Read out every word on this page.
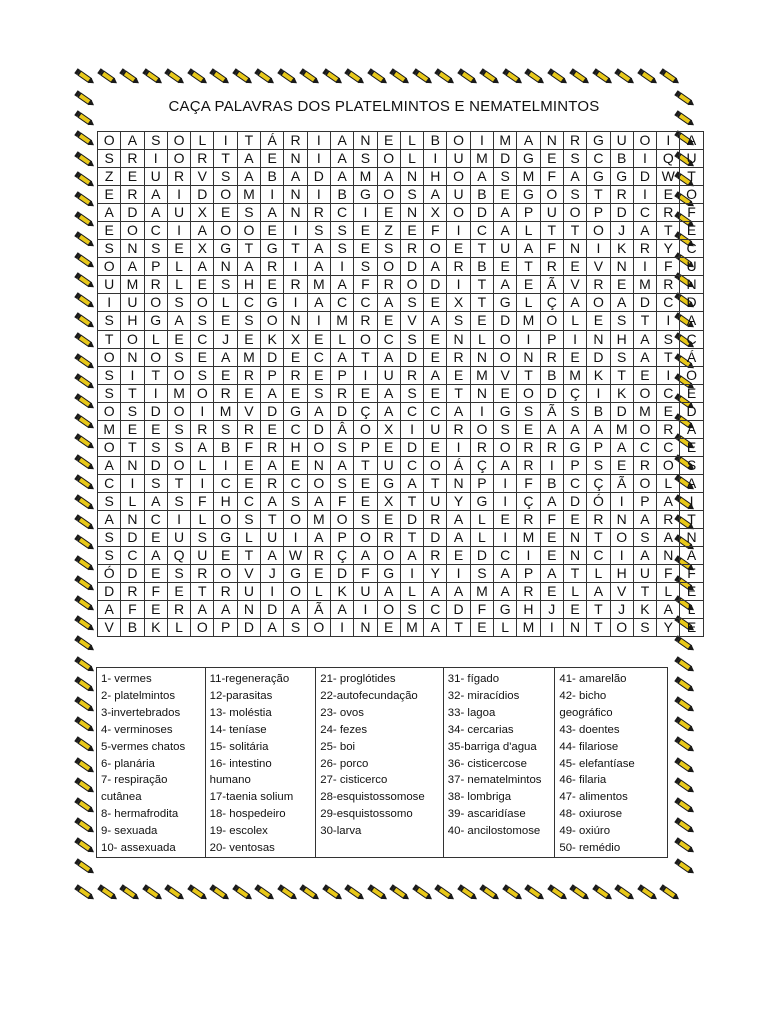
CAÇA PALAVRAS DOS PLATELMINTOS E NEMATELMINTOS
O	A	S	O	L	I	T	Á	R	I	A	N	E	L	B	O	I	M	A	N	R	G	U	O	I	A
S	R	I	O	R	T	A	E	N	I	A	S	O	L	I	U	M	D	G	E	S	C	B	I	Q	U
Z	E	U	R	V	S	A	B	A	D	A	M	A	N	H	O	A	S	M	F	A	G	G	D	W	T
E	R	A	I	D	O	M	I	N	I	B	G	O	S	A	U	B	E	G	O	S	T	R	I	E	O
A	D	A	U	X	E	S	A	N	R	C	I	E	N	X	O	D	A	P	U	O	P	D	C	R	F
E	O	C	I	A	O	O	E	I	S	S	E	Z	E	F	I	C	A	L	T	T	O	J	A	T	E
S	N	S	E	X	G	T	G	T	A	S	E	S	R	O	E	T	U	A	F	N	I	K	R	Y	C
O	A	P	L	A	N	A	R	I	A	I	S	O	D	A	R	B	E	T	R	E	V	N	I	F	U
U	M	R	L	E	S	H	E	R	M	A	F	R	O	D	I	T	A	E	Ã	V	R	E	M	R	N
I	U	O	S	O	L	C	G	I	A	C	C	A	S	E	X	T	G	L	Ç	A	O	A	D	C	D
S	H	G	A	S	E	S	O	N	I	M	R	E	V	A	S	E	D	M	O	L	E	S	T	I	A
T	O	L	E	C	J	E	K	X	E	L	O	C	S	E	N	L	O	I	P	I	N	H	A	S	C
O	N	O	S	E	A	M	D	E	C	A	T	A	D	E	R	N	O	N	R	E	D	S	A	T	Á
S	I	T	O	S	E	R	P	R	E	P	I	U	R	A	E	M	V	T	B	M	K	T	E	I	O
S	T	I	M	O	R	E	A	E	S	R	E	A	S	E	T	N	E	O	D	Ç	I	K	O	C	E
O	S	D	O	I	M	V	D	G	A	D	Ç	A	C	C	A	I	G	S	Ã	S	B	D	M	E	D
M	E	E	S	R	S	R	E	C	D	Â	O	X	I	U	R	O	S	E	A	A	A	M	O	R	A
O	T	S	S	A	B	F	R	H	O	S	P	E	D	E	I	R	O	R	R	G	P	A	C	C	E
A	N	D	O	L	I	E	A	E	N	A	T	U	C	O	Á	Ç	A	R	I	P	S	E	R	O	S
C	I	S	T	I	C	E	R	C	O	S	E	G	A	T	N	P	I	F	B	C	Ç	Ã	O	L	A
S	L	A	S	F	H	C	A	S	A	F	E	X	T	U	Y	G	I	Ç	A	D	Ó	I	P	A	I
A	N	C	I	L	O	S	T	O	M	O	S	E	D	R	A	L	E	R	F	E	R	N	A	R	T
S	D	E	U	S	G	L	U	I	A	P	O	R	T	D	A	L	I	M	E	N	T	O	S	A	N
S	C	A	Q	U	E	T	A	W	R	Ç	A	O	A	R	E	D	C	I	E	N	C	I	A	N	A
Ó	D	E	S	R	O	V	J	G	E	D	F	G	I	Y	I	S	A	P	A	T	L	H	U	F	F
D	R	F	E	T	R	U	I	O	L	K	U	A	L	A	A	M	A	R	E	L	A	V	T	L	E
A	F	E	R	A	A	N	D	A	Ã	A	I	O	S	C	D	F	G	H	J	E	T	J	K	A	L
V	B	K	L	O	P	D	A	S	O	I	N	E	M	A	T	E	L	M	I	N	T	O	S	Y	E
1- vermes
2- platelmintos
3-invertebrados
4- verminoses
5-vermes chatos
6- planária
7- respiração
cutânea
8- hermafrodita
9- sexuada
10- assexuada
11-regeneração
12-parasitas
13- moléstia
14- teníase
15- solitária
16- intestino
humano
17-taenia solium
18- hospedeiro
19- escolex
20- ventosas
21- proglótides
22-autofecundação
23- ovos
24- fezes
25- boi
26- porco
27- cisticerco
28-esquistossomose
29-esquistossomo
30-larva
31- fígado
32- miracídios
33- lagoa
34- cercarias
35-barriga d'agua
36- cisticercose
37- nematelmintos
38- lombriga
39- ascaridíase
40- ancilostomose
41- amarelão
42- bicho
geográfico
43- doentes
44- filariose
45- elefantíase
46- filaria
47- alimentos
48- oxiurose
49- oxiúro
50- remédio
